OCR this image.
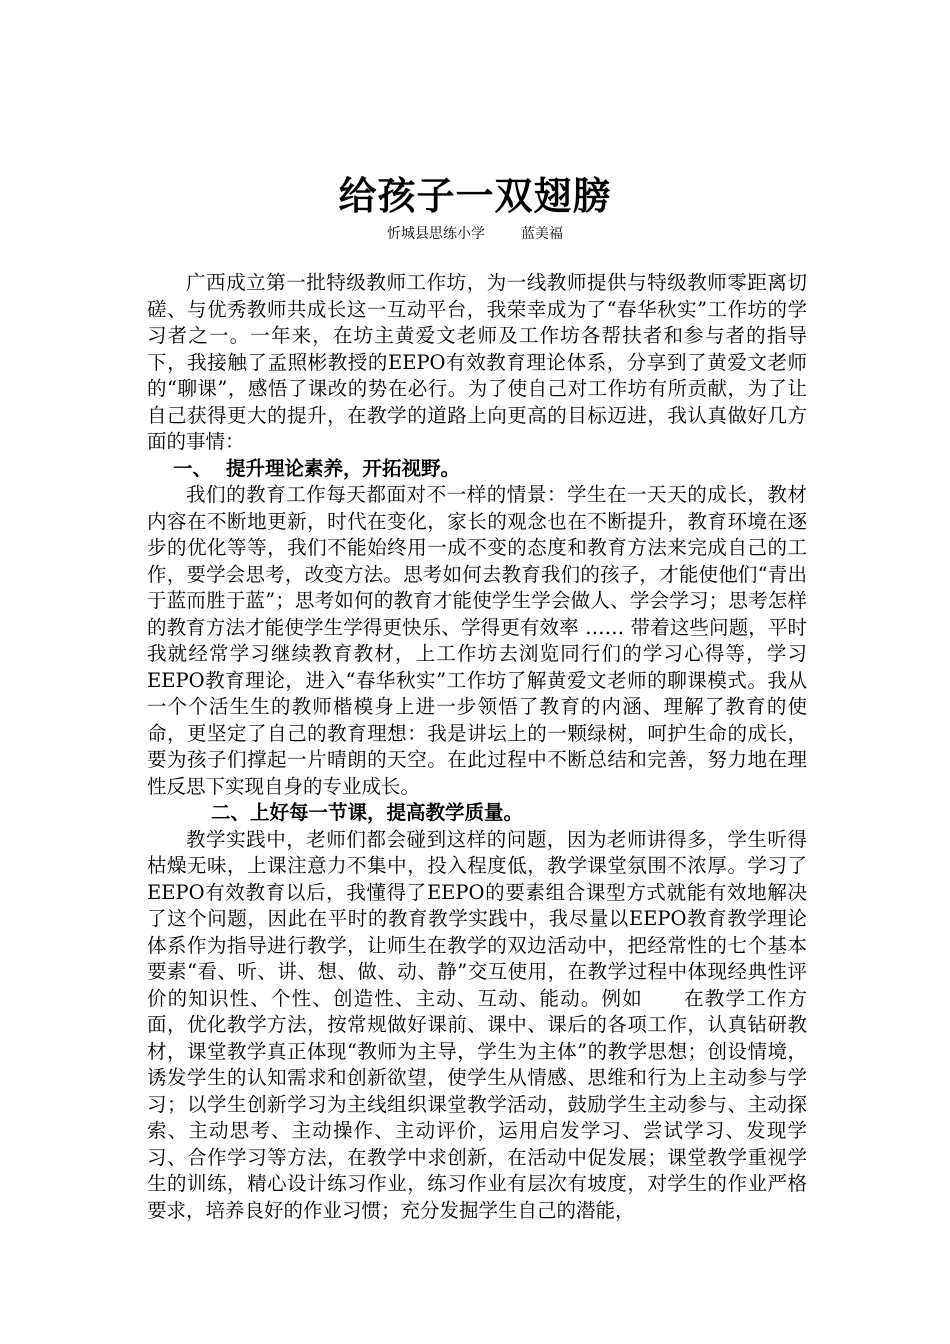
给孩子一双翅膀
忻城县思练小学	蓝美福

广西成立第一批特级教师工作坊，为一线教师提供与特级教师零距离切磋、与优秀教师共成长这一互动平台，我荣幸成为了“春华秋实”工作坊的学习者之一。一年来，在坊主黄爱文老师及工作坊各帮扶者和参与者的指导下，我接触了孟照彬教授的EEPO有效教育理论体系，分享到了黄爱文老师的“聊课”，感悟了课改的势在必行。为了使自己对工作坊有所贡献，为了让自己获得更大的提升，在教学的道路上向更高的目标迈进，我认真做好几方面的事情：

一、 提升理论素养，开拓视野。

我们的教育工作每天都面对不一样的情景：学生在一天天的成长，教材内容在不断地更新，时代在变化，家长的观念也在不断提升，教育环境在逐步的优化等等，我们不能始终用一成不变的态度和教育方法来完成自己的工作，要学会思考，改变方法。思考如何去教育我们的孩子，才能使他们“青出于蓝而胜于蓝”；思考如何的教育才能使学生学会做人、学会学习；思考怎样的教育方法才能使学生学得更快乐、学得更有效率 …… 带着这些问题，平时我就经常学习继续教育教材，上工作坊去浏览同行们的学习心得等，学习EEPO教育理论，进入“春华秋实”工作坊了解黄爱文老师的聊课模式。我从一个个活生生的教师楷模身上进一步领悟了教育的内涵、理解了教育的使命，更坚定了自己的教育理想：我是讲坛上的一颗绿树，呵护生命的成长，要为孩子们撑起一片晴朗的天空。在此过程中不断总结和完善，努力地在理性反思下实现自身的专业成长。

二、上好每一节课，提高教学质量。

教学实践中，老师们都会碰到这样的问题，因为老师讲得多，学生听得枯燥无味，上课注意力不集中，投入程度低，教学课堂氛围不浓厚。学习了EEPO有效教育以后，我懂得了EEPO的要素组合课型方式就能有效地解决了这个问题，因此在平时的教育教学实践中，我尽量以EEPO教育教学理论体系作为指导进行教学，让师生在教学的双边活动中，把经常性的七个基本要素“看、听、讲、想、做、动、静”交互使用，在教学过程中体现经典性评价的知识性、个性、创造性、主动、互动、能动。例如　　在教学工作方面，优化教学方法，按常规做好课前、课中、课后的各项工作，认真钻研教材，课堂教学真正体现“教师为主导，学生为主体”的教学思想；创设情境，诱发学生的认知需求和创新欲望，使学生从情感、思维和行为上主动参与学习；以学生创新学习为主线组织课堂教学活动，鼓励学生主动参与、主动探索、主动思考、主动操作、主动评价，运用启发学习、尝试学习、发现学习、合作学习等方法，在教学中求创新，在活动中促发展；课堂教学重视学生的训练，精心设计练习作业，练习作业有层次有坡度，对学生的作业严格要求，培养良好的作业习惯；充分发掘学生自己的潜能，
